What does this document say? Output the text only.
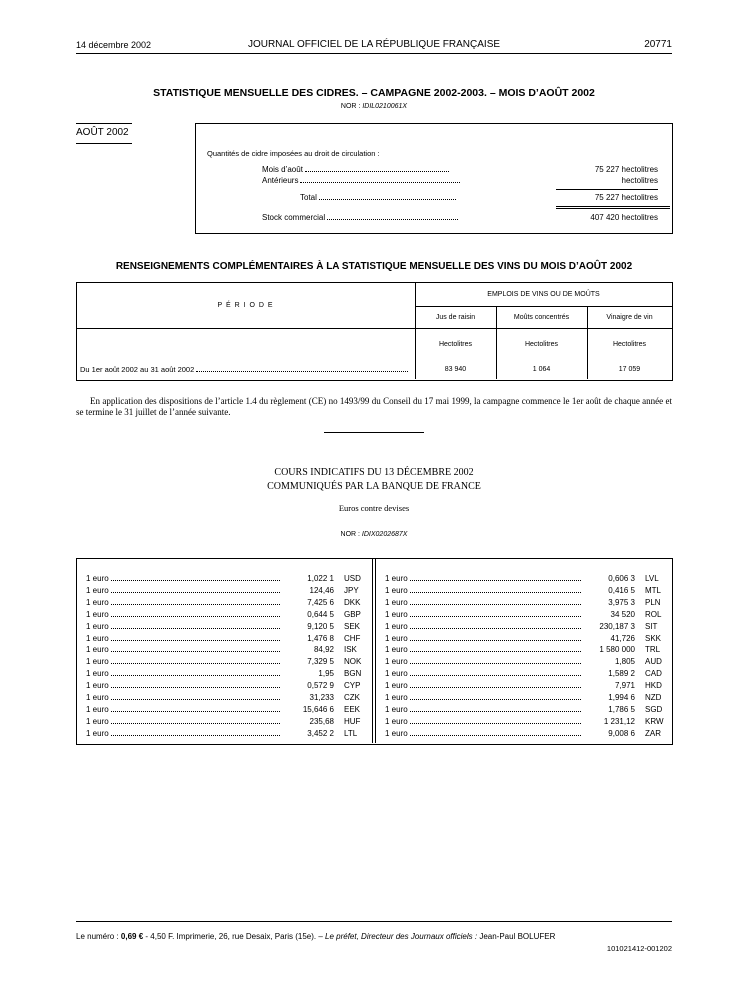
14 décembre 2002	JOURNAL OFFICIEL DE LA RÉPUBLIQUE FRANÇAISE	20771
STATISTIQUE MENSUELLE DES CIDRES. – CAMPAGNE 2002-2003. – MOIS D’AOÛT 2002
NOR : IDIL0210061X
AOÛT 2002
Quantités de cidre imposées au droit de circulation :
Mois d’août	75 227 hectolitres
Antérieurs	hectolitres
Total	75 227 hectolitres
Stock commercial	407 420 hectolitres
RENSEIGNEMENTS COMPLÉMENTAIRES À LA STATISTIQUE MENSUELLE DES VINS DU MOIS D’AOÛT 2002
P É R I O D E
EMPLOIS DE VINS OU DE MOÛTS
Jus de raisin	Moûts concentrés	Vinaigre de vin
Hectolitres	Hectolitres	Hectolitres
Du 1er août 2002 au 31 août 2002	83 940	1 064	17 059
En application des dispositions de l’article 1.4 du règlement (CE) no 1493/99 du Conseil du 17 mai 1999, la campagne commence le 1er août de chaque année et se termine le 31 juillet de l’année suivante.
COURS INDICATIFS DU 13 DÉCEMBRE 2002
COMMUNIQUÉS PAR LA BANQUE DE FRANCE
Euros contre devises
NOR : IDIX0202687X
1 euro	1,022 1	USD
1 euro	124,46	JPY
1 euro	7,425 6	DKK
1 euro	0,644 5	GBP
1 euro	9,120 5	SEK
1 euro	1,476 8	CHF
1 euro	84,92	ISK
1 euro	7,329 5	NOK
1 euro	1,95	BGN
1 euro	0,572 9	CYP
1 euro	31,233	CZK
1 euro	15,646 6	EEK
1 euro	235,68	HUF
1 euro	3,452 2	LTL
1 euro	0,606 3	LVL
1 euro	0,416 5	MTL
1 euro	3,975 3	PLN
1 euro	34 520	ROL
1 euro	230,187 3	SIT
1 euro	41,726	SKK
1 euro	1 580 000	TRL
1 euro	1,805	AUD
1 euro	1,589 2	CAD
1 euro	7,971	HKD
1 euro	1,994 6	NZD
1 euro	1,786 5	SGD
1 euro	1 231,12	KRW
1 euro	9,008 6	ZAR
Le numéro : 0,69 € - 4,50 F. Imprimerie, 26, rue Desaix, Paris (15e). – Le préfet, Directeur des Journaux officiels : Jean-Paul BOLUFER
101021412-001202
